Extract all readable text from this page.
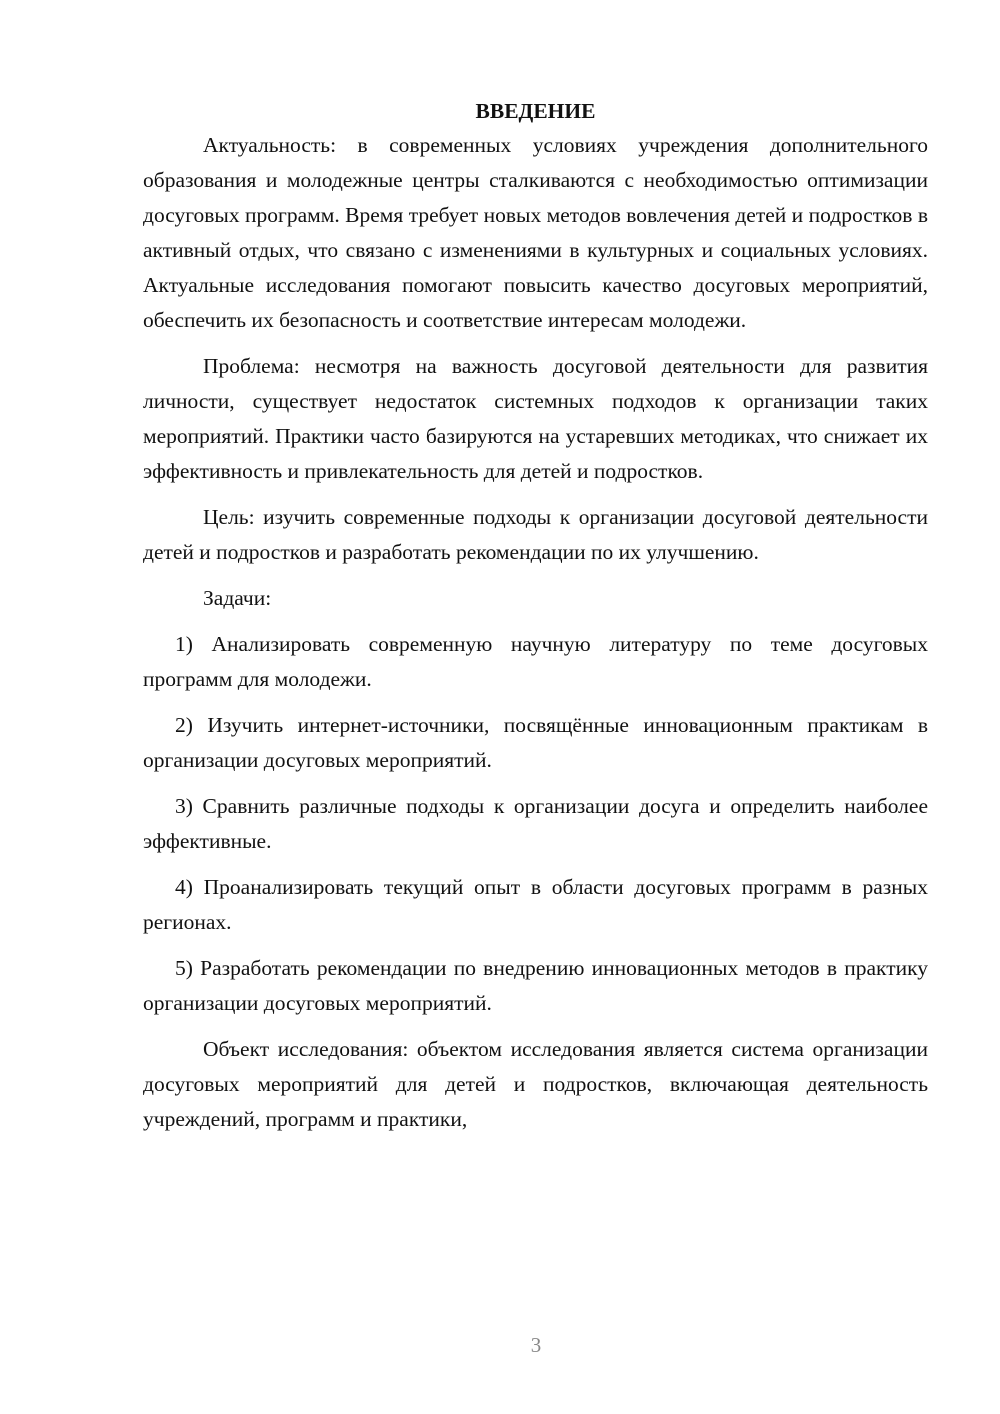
ВВЕДЕНИЕ

Актуальность: в современных условиях учреждения дополнительного образования и молодежные центры сталкиваются с необходимостью оптимизации досуговых программ. Время требует новых методов вовлечения детей и подростков в активный отдых, что связано с изменениями в культурных и социальных условиях. Актуальные исследования помогают повысить качество досуговых мероприятий, обеспечить их безопасность и соответствие интересам молодежи.

Проблема: несмотря на важность досуговой деятельности для развития личности, существует недостаток системных подходов к организации таких мероприятий. Практики часто базируются на устаревших методиках, что снижает их эффективность и привлекательность для детей и подростков.

Цель: изучить современные подходы к организации досуговой деятельности детей и подростков и разработать рекомендации по их улучшению.

Задачи:

1) Анализировать современную научную литературу по теме досуговых программ для молодежи.

2) Изучить интернет-источники, посвящённые инновационным практикам в организации досуговых мероприятий.

3) Сравнить различные подходы к организации досуга и определить наиболее эффективные.

4) Проанализировать текущий опыт в области досуговых программ в разных регионах.

5) Разработать рекомендации по внедрению инновационных методов в практику организации досуговых мероприятий.

Объект исследования: объектом исследования является система организации досуговых мероприятий для детей и подростков, включающая деятельность учреждений, программ и практики,

3
